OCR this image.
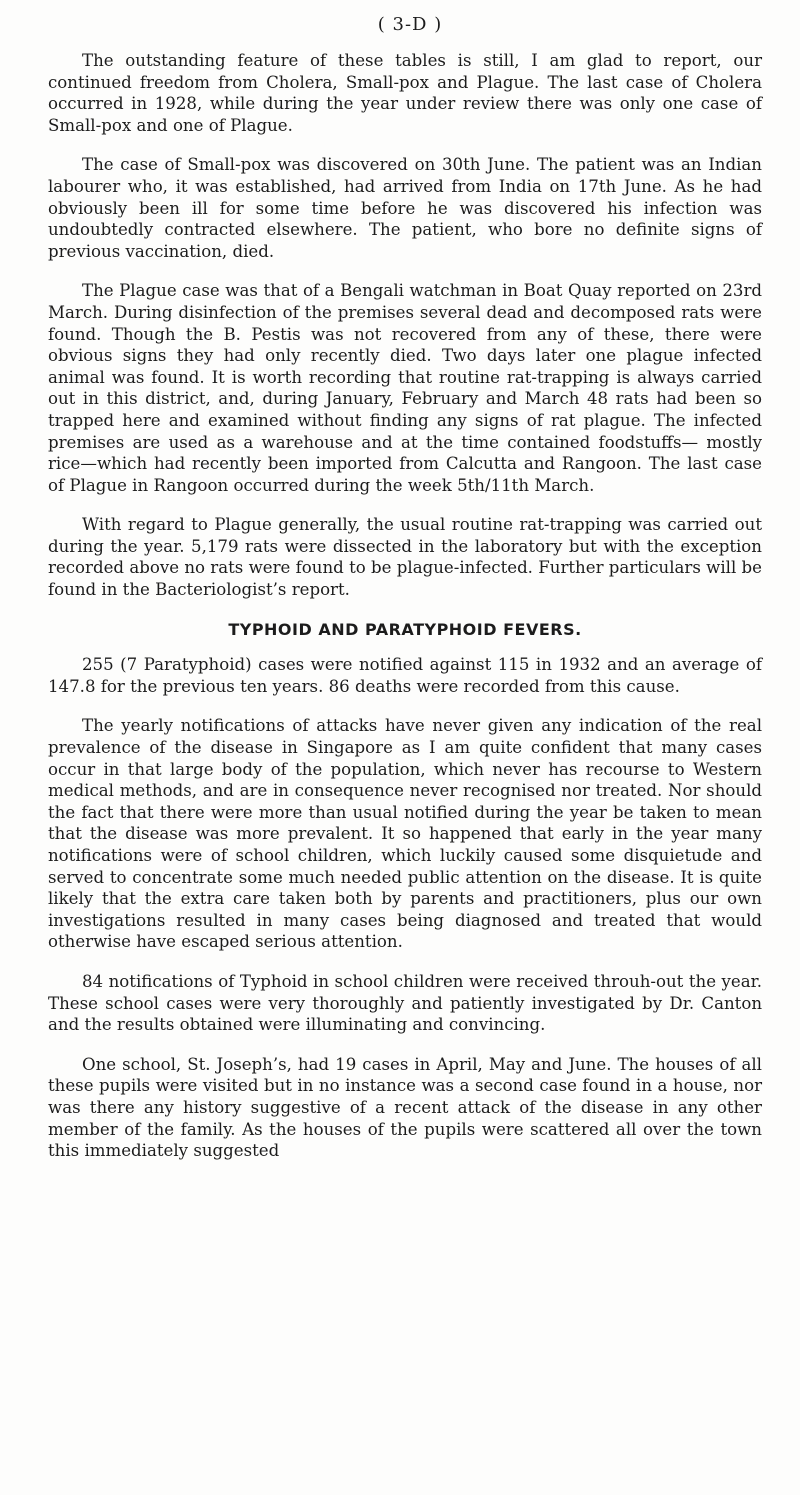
( 3-D )

The outstanding feature of these tables is still, I am glad to report, our continued freedom from Cholera, Small-pox and Plague. The last case of Cholera occurred in 1928, while during the year under review there was only one case of Small-pox and one of Plague.

The case of Small-pox was discovered on 30th June. The patient was an Indian labourer who, it was established, had arrived from India on 17th June. As he had obviously been ill for some time before he was discovered his infection was undoubtedly contracted elsewhere. The patient, who bore no definite signs of previous vaccination, died.

The Plague case was that of a Bengali watchman in Boat Quay reported on 23rd March. During disinfection of the premises several dead and decomposed rats were found. Though the B. Pestis was not recovered from any of these, there were obvious signs they had only recently died. Two days later one plague infected animal was found. It is worth recording that routine rat-trapping is always carried out in this district, and, during January, February and March 48 rats had been so trapped here and examined without finding any signs of rat plague. The infected premises are used as a warehouse and at the time contained foodstuffs— mostly rice—which had recently been imported from Calcutta and Rangoon. The last case of Plague in Rangoon occurred during the week 5th/11th March.

With regard to Plague generally, the usual routine rat-trapping was carried out during the year. 5,179 rats were dissected in the laboratory but with the exception recorded above no rats were found to be plague-infected. Further particulars will be found in the Bacteriologist’s report.

TYPHOID AND PARATYPHOID FEVERS.

255 (7 Paratyphoid) cases were notified against 115 in 1932 and an average of 147.8 for the previous ten years. 86 deaths were recorded from this cause.

The yearly notifications of attacks have never given any indication of the real prevalence of the disease in Singapore as I am quite confident that many cases occur in that large body of the population, which never has recourse to Western medical methods, and are in consequence never recognised nor treated. Nor should the fact that there were more than usual notified during the year be taken to mean that the disease was more prevalent. It so happened that early in the year many notifications were of school children, which luckily caused some disquietude and served to concentrate some much needed public attention on the disease. It is quite likely that the extra care taken both by parents and practitioners, plus our own investigations resulted in many cases being diagnosed and treated that would otherwise have escaped serious attention.

84 notifications of Typhoid in school children were received throuh-out the year. These school cases were very thoroughly and patiently investigated by Dr. Canton and the results obtained were illuminating and convincing.

One school, St. Joseph’s, had 19 cases in April, May and June. The houses of all these pupils were visited but in no instance was a second case found in a house, nor was there any history suggestive of a recent attack of the disease in any other member of the family. As the houses of the pupils were scattered all over the town this immediately suggested
